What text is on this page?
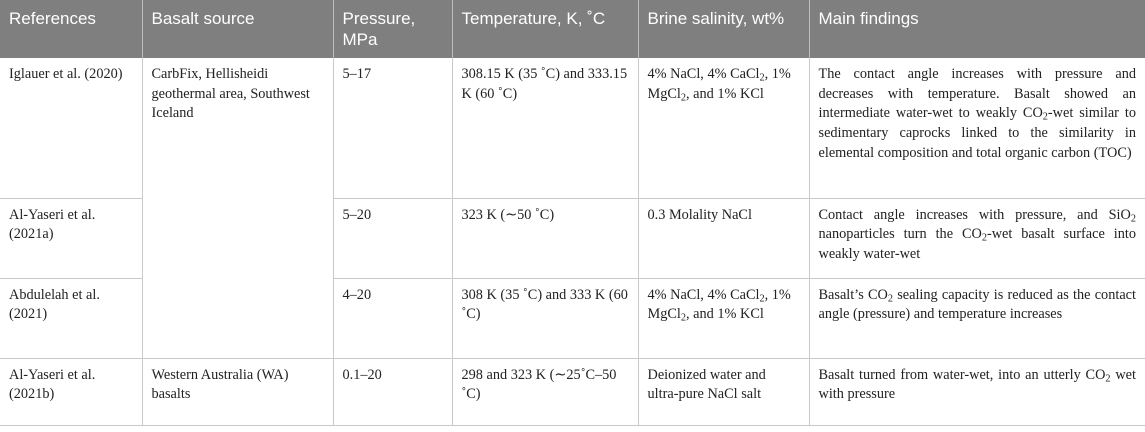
References	Basalt source	Pressure, MPa	Temperature, K, ˚C	Brine salinity, wt%	Main findings
Iglauer et al. (2020)	CarbFix, Hellisheidi geothermal area, Southwest Iceland	5–17	308.15 K (35 ˚C) and 333.15 K (60 ˚C)	4% NaCl, 4% CaCl$_2$, 1% MgCl$_2$, and 1% KCl	The contact angle increases with pressure and decreases with temperature. Basalt showed an intermediate water-wet to weakly $CO_2$-wet similar to sedimentary caprocks linked to the similarity in elemental composition and total organic carbon (TOC)
Al-Yaseri et al. (2021a)		5–20	323 K (∼50 ˚C)	0.3 Molality NaCl	Contact angle increases with pressure, and SiO$_2$ nanoparticles turn the $CO_2$-wet basalt surface into weakly water-wet
Abdulelah et al. (2021)		4–20	308 K (35 ˚C) and 333 K (60 ˚C)	4% NaCl, 4% CaCl$_2$, 1% MgCl$_2$, and 1% KCl	Basalt’s $CO_2$ sealing capacity is reduced as the contact angle (pressure) and temperature increases
Al-Yaseri et al. (2021b)	Western Australia (WA) basalts	0.1–20	298 and 323 K (∼25˚C–50 ˚C)	Deionized water and ultra-pure NaCl salt	Basalt turned from water-wet, into an utterly $CO_2$ wet with pressure
